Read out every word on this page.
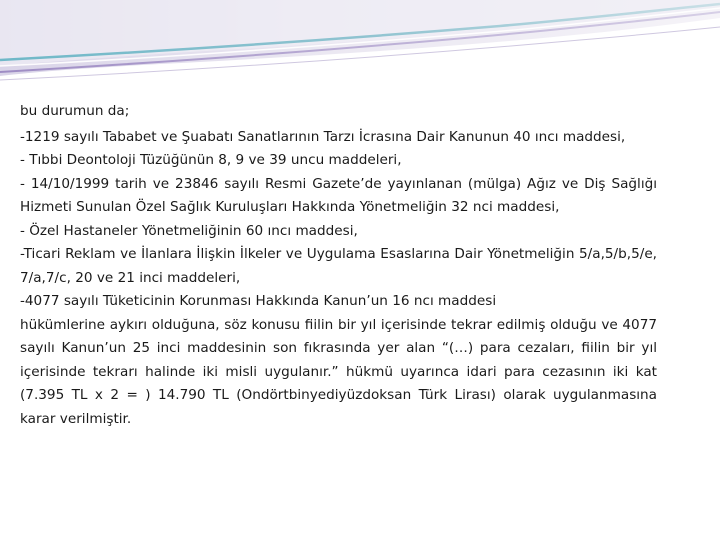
bu durumun da;

-1219 sayılı Tababet ve Şuabatı Sanatlarının Tarzı İcrasına Dair Kanunun 40 ıncı maddesi,

- Tıbbi Deontoloji Tüzüğünün 8, 9 ve 39 uncu maddeleri,

- 14/10/1999 tarih ve 23846 sayılı Resmi Gazete’de yayınlanan (mülga) Ağız ve Diş Sağlığı Hizmeti Sunulan Özel Sağlık Kuruluşları Hakkında Yönetmeliğin 32 nci maddesi,

- Özel Hastaneler Yönetmeliğinin 60 ıncı maddesi,

-Ticari Reklam ve İlanlara İlişkin İlkeler ve Uygulama Esaslarına Dair Yönetmeliğin 5/a,5/b,5/e, 7/a,7/c, 20 ve 21 inci maddeleri,

-4077 sayılı Tüketicinin Korunması Hakkında Kanun’un 16 ncı maddesi

hükümlerine aykırı olduğuna, söz konusu fiilin bir yıl içerisinde tekrar edilmiş olduğu ve 4077 sayılı Kanun’un 25 inci maddesinin son fıkrasında yer alan “(…) para cezaları, fiilin bir yıl içerisinde tekrarı halinde iki misli uygulanır.” hükmü uyarınca idari para cezasının iki kat (7.395 TL x 2 = ) 14.790 TL (Ondörtbinyediyüzdoksan Türk Lirası) olarak uygulanmasına karar verilmiştir.
